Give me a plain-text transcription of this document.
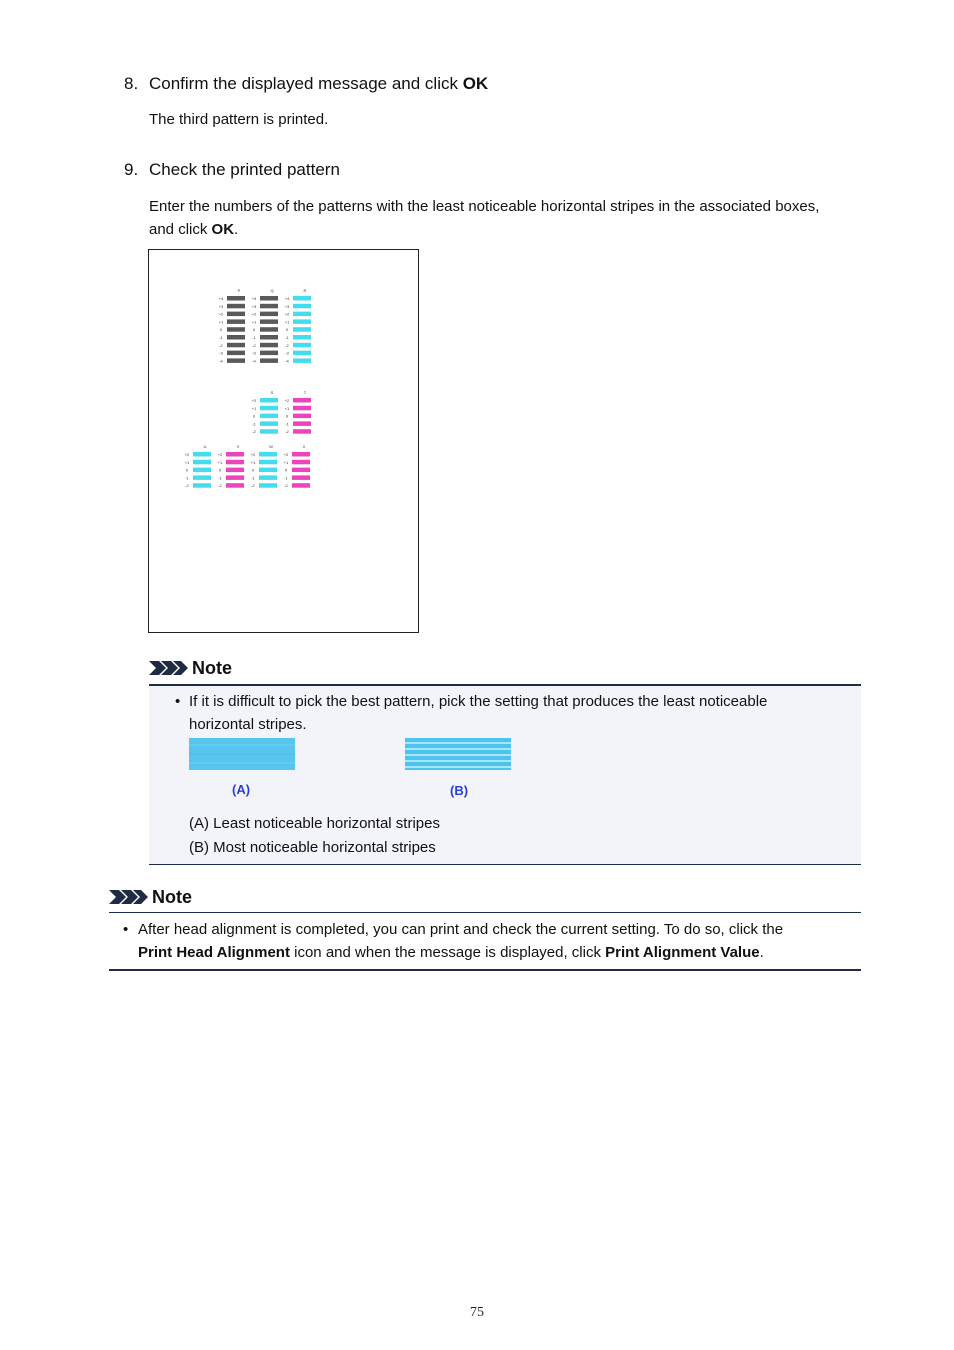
8. Confirm the displayed message and click OK
The third pattern is printed.
9. Check the printed pattern
Enter the numbers of the patterns with the least noticeable horizontal stripes in the associated boxes,
and click OK.
P
+4
+3
+2
+1
0
-1
-2
-3
-4
Q
+4
+3
+2
+1
0
-1
-2
-3
-4
R
+4
+3
+2
+1
0
-1
-2
-3
-4
S
+2
+1
0
-1
-2
T
+2
+1
0
-1
-2
U
+2
+1
0
-1
-2
V
+2
+1
0
-1
-2
W
+2
+1
0
-1
-2
X
+2
+1
0
-1
-2
Note
• If it is difficult to pick the best pattern, pick the setting that produces the least noticeable
horizontal stripes.
(A)	(B)
(A) Least noticeable horizontal stripes
(B) Most noticeable horizontal stripes
Note
• After head alignment is completed, you can print and check the current setting. To do so, click the
Print Head Alignment icon and when the message is displayed, click Print Alignment Value.
75
